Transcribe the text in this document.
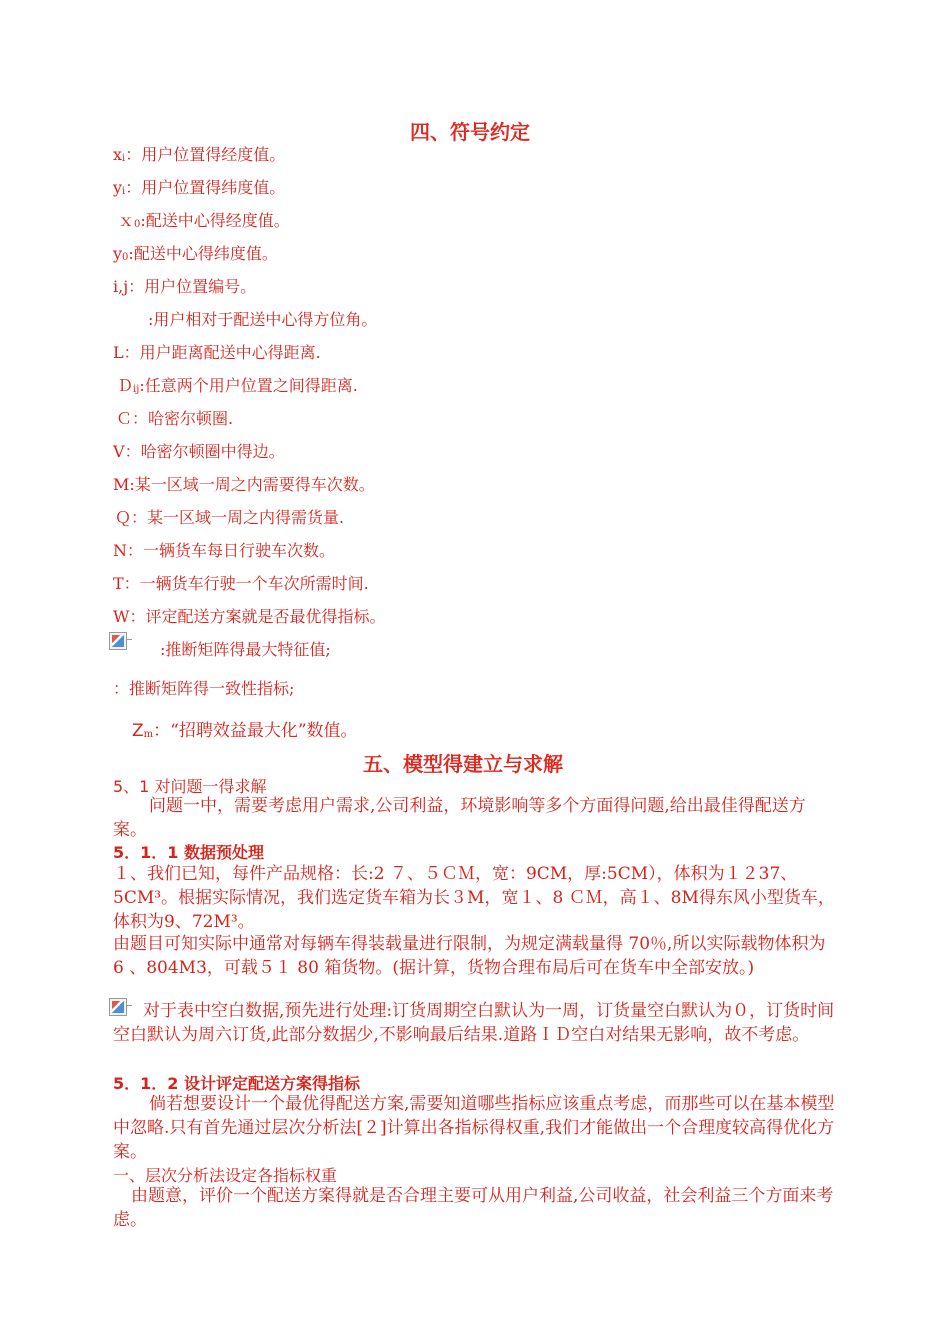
四、符号约定
xi：用户位置得经度值。
yi：用户位置得纬度值。
ｘ0:配送中心得经度值。
y0:配送中心得纬度值。
i,j：用户位置编号。
:用户相对于配送中心得方位角。
L：用户距离配送中心得距离.
Ｄij:任意两个用户位置之间得距离.
Ｃ：哈密尔顿圈.
V：哈密尔顿圈中得边。
M:某一区域一周之内需要得车次数。
Ｑ：某一区域一周之内得需货量.
N：一辆货车每日行驶车次数。
T：一辆货车行驶一个车次所需时间.
W：评定配送方案就是否最优得指标。
:推断矩阵得最大特征值;
：推断矩阵得一致性指标;
Zm：“招聘效益最大化”数值。
五、模型得建立与求解
5、1 对问题一得求解
问题一中，需要考虑用户需求,公司利益，环境影响等多个方面得问题,给出最佳得配送方案。
5．1．1 数据预处理
１、我们已知，每件产品规格：长:2 ７、５ＣＭ，宽：9CM，厚:5CM），体积为１２37、5CM³。根据实际情况，我们选定货车箱为长３M，宽１、8 ＣＭ，高１、8M得东风小型货车，体积为9、72M³。
由题目可知实际中通常对每辆车得装载量进行限制，为规定满载量得 70％,所以实际载物体积为 6 、804M3，可载５１ 80 箱货物。(据计算，货物合理布局后可在货车中全部安放。)
对于表中空白数据,预先进行处理:订货周期空白默认为一周，订货量空白默认为０，订货时间空白默认为周六订货,此部分数据少,不影响最后结果.道路ＩＤ空白对结果无影响，故不考虑。
5．1．2 设计评定配送方案得指标
倘若想要设计一个最优得配送方案,需要知道哪些指标应该重点考虑，而那些可以在基本模型中忽略.只有首先通过层次分析法[２]计算出各指标得权重,我们才能做出一个合理度较高得优化方案。
一、层次分析法设定各指标权重
由题意，评价一个配送方案得就是否合理主要可从用户利益,公司收益，社会利益三个方面来考虑。
